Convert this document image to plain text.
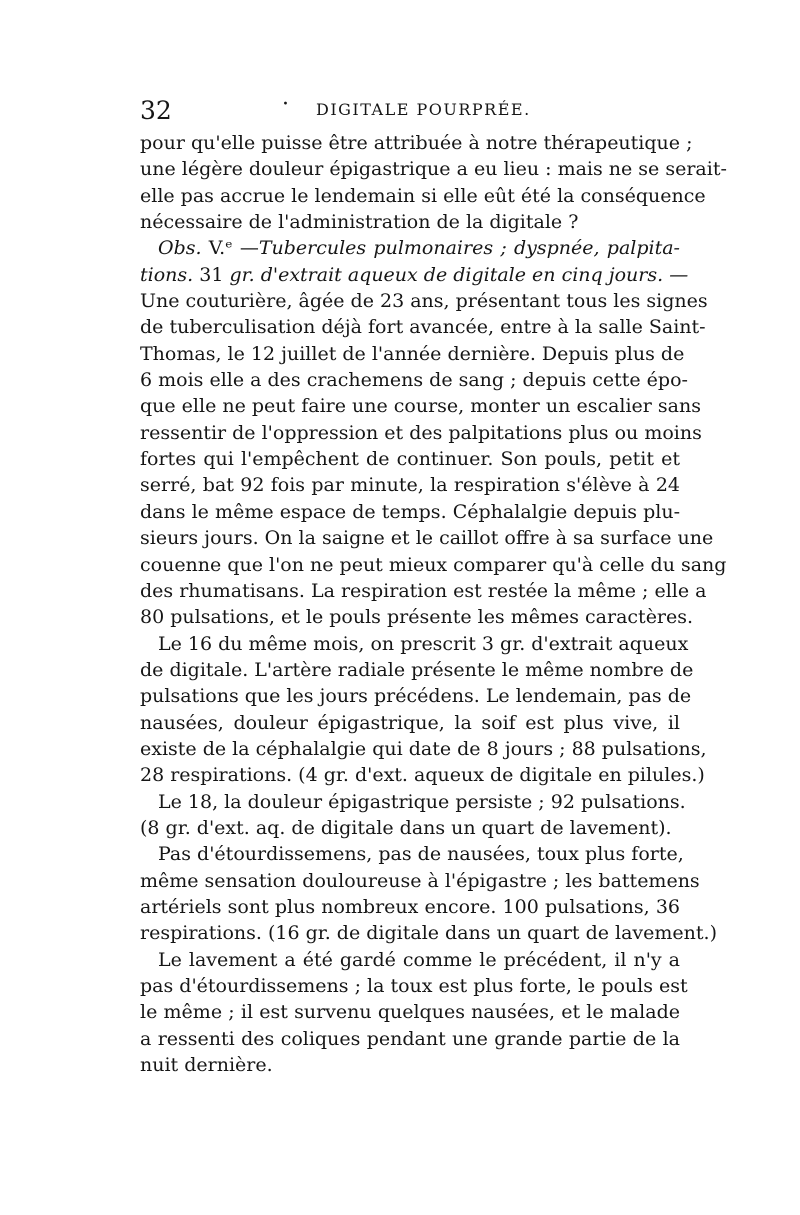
32	· DIGITALE POURPRÉE.
pour qu'elle puisse être attribuée à notre thérapeutique ;
une légère douleur épigastrique a eu lieu : mais ne se serait-
elle pas accrue le lendemain si elle eût été la conséquence
nécessaire de l'administration de la digitale ?
Obs. V.ᵉ —Tubercules pulmonaires ; dyspnée, palpita-
tions. 31 gr. d'extrait aqueux de digitale en cinq jours. —
Une couturière, âgée de 23 ans, présentant tous les signes
de tuberculisation déjà fort avancée, entre à la salle Saint-
Thomas, le 12 juillet de l'année dernière. Depuis plus de
6 mois elle a des crachemens de sang ; depuis cette épo-
que elle ne peut faire une course, monter un escalier sans
ressentir de l'oppression et des palpitations plus ou moins
fortes qui l'empêchent de continuer. Son pouls, petit et
serré, bat 92 fois par minute, la respiration s'élève à 24
dans le même espace de temps. Céphalalgie depuis plu-
sieurs jours. On la saigne et le caillot offre à sa surface une
couenne que l'on ne peut mieux comparer qu'à celle du sang
des rhumatisans. La respiration est restée la même ; elle a
80 pulsations, et le pouls présente les mêmes caractères.
Le 16 du même mois, on prescrit 3 gr. d'extrait aqueux
de digitale. L'artère radiale présente le même nombre de
pulsations que les jours précédens. Le lendemain, pas de
nausées, douleur épigastrique, la soif est plus vive, il
existe de la céphalalgie qui date de 8 jours ; 88 pulsations,
28 respirations. (4 gr. d'ext. aqueux de digitale en pilules.)
Le 18, la douleur épigastrique persiste ; 92 pulsations.
(8 gr. d'ext. aq. de digitale dans un quart de lavement).
Pas d'étourdissemens, pas de nausées, toux plus forte,
même sensation douloureuse à l'épigastre ; les battemens
artériels sont plus nombreux encore. 100 pulsations, 36
respirations. (16 gr. de digitale dans un quart de lavement.)
Le lavement a été gardé comme le précédent, il n'y a
pas d'étourdissemens ; la toux est plus forte, le pouls est
le même ; il est survenu quelques nausées, et le malade
a ressenti des coliques pendant une grande partie de la
nuit dernière.
